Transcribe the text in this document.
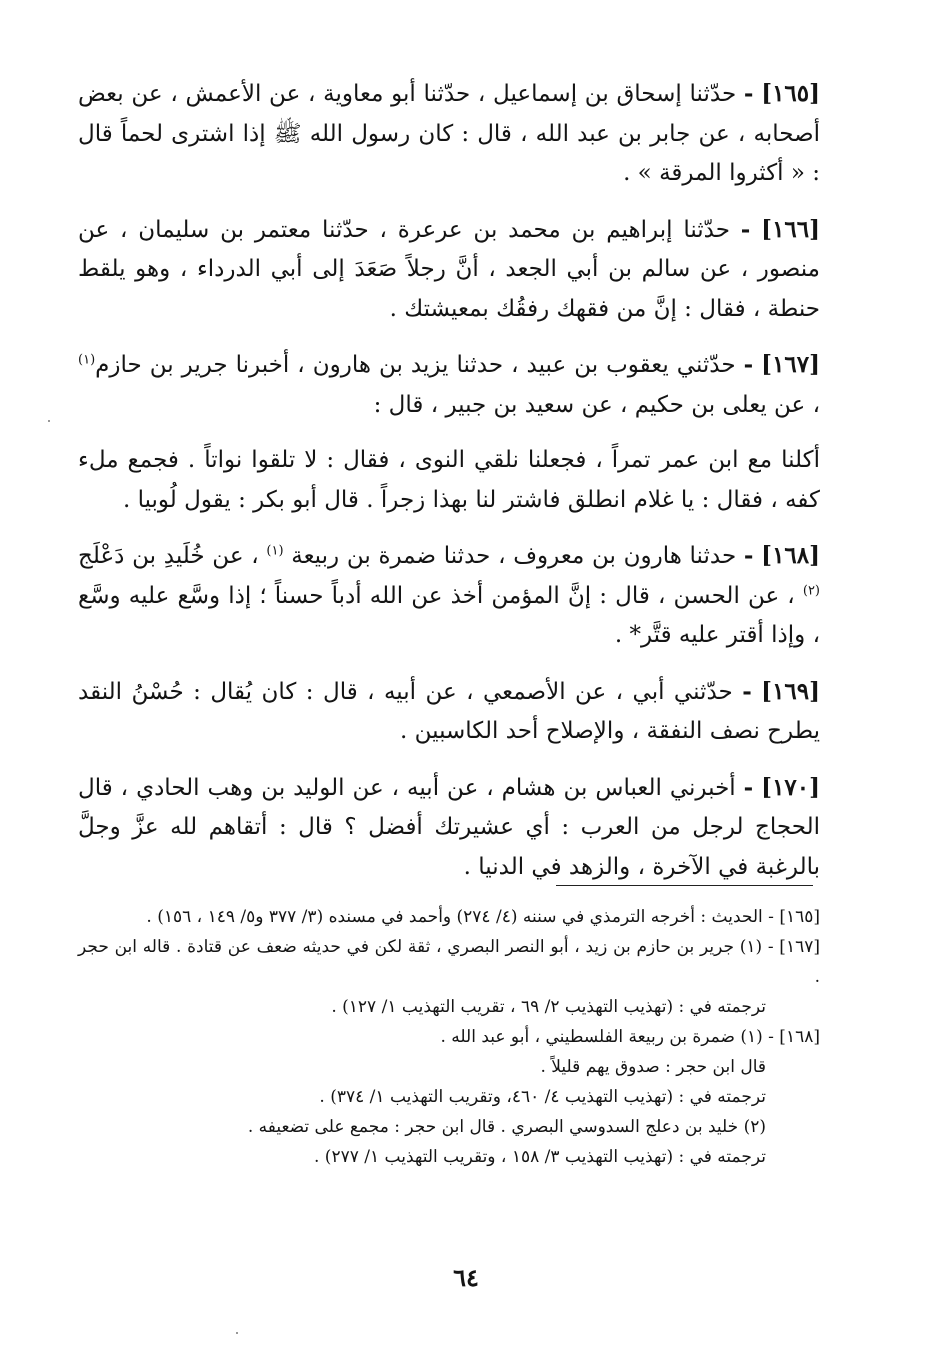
[١٦٥] - حدّثنا إسحاق بن إسماعيل ، حدّثنا أبو معاوية ، عن الأعمش ، عن بعض أصحابه ، عن جابر بن عبد الله ، قال : كان رسول الله ﷺ إذا اشترى لحماً قال : « أكثروا المرقة » .

[١٦٦] - حدّثنا إبراهيم بن محمد بن عرعرة ، حدّثنا معتمر بن سليمان ، عن منصور ، عن سالم بن أبي الجعد ، أنَّ رجلاً صَعَدَ إلى أبي الدرداء ، وهو يلقط حنطة ، فقال : إنَّ من فقهك رفقُك بمعيشتك .

[١٦٧] - حدّثني يعقوب بن عبيد ، حدثنا يزيد بن هارون ، أخبرنا جرير بن حازم$^{(١)}$ ، عن يعلى بن حكيم ، عن سعيد بن جبير ، قال :

أكلنا مع ابن عمر تمراً ، فجعلنا نلقي النوى ، فقال : لا تلقوا نواتاً . فجمع ملء كفه ، فقال : يا غلام انطلق فاشتر لنا بهذا زجراً . قال أبو بكر : يقول لُوبيا .

[١٦٨] - حدثنا هارون بن معروف ، حدثنا ضمرة بن ربيعة $^{(١)}$ ، عن خُلَيدِ بن دَعْلَج $^{(٢)}$ ، عن الحسن ، قال : إنَّ المؤمن أخذ عن الله أدباً حسناً ؛ إذا وسَّع عليه وسَّع ، وإذا أقتر عليه قتَّر* .

[١٦٩] - حدّثني أبي ، عن الأصمعي ، عن أبيه ، قال : كان يُقال : حُسْنُ النقد يطرح نصف النفقة ، والإصلاح أحد الكاسبين .

[١٧٠] - أخبرني العباس بن هشام ، عن أبيه ، عن الوليد بن وهب الحادي ، قال الحجاج لرجل من العرب : أي عشيرتك أفضل ؟ قال : أتقاهم لله عزَّ وجلَّ بالرغبة في الآخرة ، والزهد في الدنيا .

[١٦٥] - الحديث : أخرجه الترمذي في سننه (٤/ ٢٧٤) وأحمد في مسنده (٣/ ٣٧٧ و٥/ ١٤٩ ، ١٥٦) .

[١٦٧] - (١) جرير بن حازم بن زيد ، أبو النصر البصري ، ثقة لكن في حديثه ضعف عن قتادة . قاله ابن حجر .

ترجمته في : (تهذيب التهذيب ٢/ ٦٩ ، تقريب التهذيب ١/ ١٢٧) .

[١٦٨] - (١) ضمرة بن ربيعة الفلسطيني ، أبو عبد الله .

قال ابن حجر : صدوق يهم قليلاً .

ترجمته في : (تهذيب التهذيب ٤/ ٤٦٠، وتقريب التهذيب ١/ ٣٧٤) .

(٢) خليد بن دعلج السدوسي البصري . قال ابن حجر : مجمع على تضعيفه .

ترجمته في : (تهذيب التهذيب ٣/ ١٥٨ ، وتقريب التهذيب ١/ ٢٧٧) .

٦٤
